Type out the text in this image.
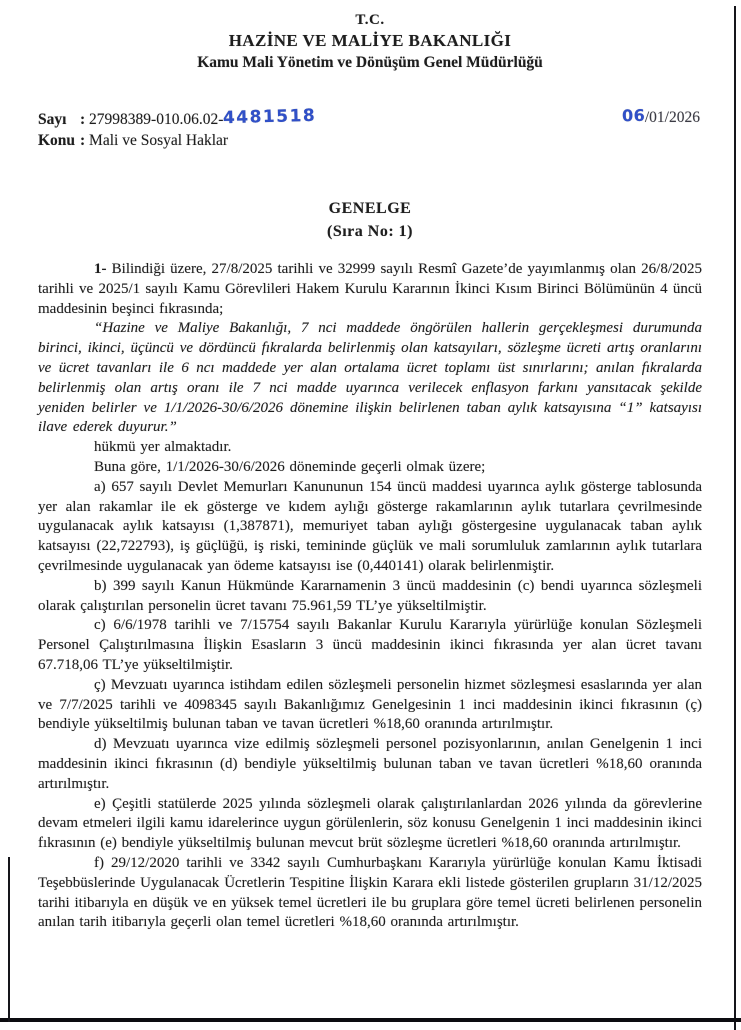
T.C.
HAZİNE VE MALİYE BAKANLIĞI
Kamu Mali Yönetim ve Dönüşüm Genel Müdürlüğü
06/01/2026
Sayı : 27998389-010.06.02-4481518
Konu : Mali ve Sosyal Haklar
GENELGE
(Sıra No: 1)

1- Bilindiği üzere, 27/8/2025 tarihli ve 32999 sayılı Resmî Gazete’de yayımlanmış olan 26/8/2025 tarihli ve 2025/1 sayılı Kamu Görevlileri Hakem Kurulu Kararının İkinci Kısım Birinci Bölümünün 4 üncü maddesinin beşinci fıkrasında;

“Hazine ve Maliye Bakanlığı, 7 nci maddede öngörülen hallerin gerçekleşmesi durumunda birinci, ikinci, üçüncü ve dördüncü fıkralarda belirlenmiş olan katsayıları, sözleşme ücreti artış oranlarını ve ücret tavanları ile 6 ncı maddede yer alan ortalama ücret toplamı üst sınırlarını; anılan fıkralarda belirlenmiş olan artış oranı ile 7 nci madde uyarınca verilecek enflasyon farkını yansıtacak şekilde yeniden belirler ve 1/1/2026-30/6/2026 dönemine ilişkin belirlenen taban aylık katsayısına “1” katsayısı ilave ederek duyurur.”

hükmü yer almaktadır.

Buna göre, 1/1/2026-30/6/2026 döneminde geçerli olmak üzere;

a) 657 sayılı Devlet Memurları Kanununun 154 üncü maddesi uyarınca aylık gösterge tablosunda yer alan rakamlar ile ek gösterge ve kıdem aylığı gösterge rakamlarının aylık tutarlara çevrilmesinde uygulanacak aylık katsayısı (1,387871), memuriyet taban aylığı göstergesine uygulanacak taban aylık katsayısı (22,722793), iş güçlüğü, iş riski, temininde güçlük ve mali sorumluluk zamlarının aylık tutarlara çevrilmesinde uygulanacak yan ödeme katsayısı ise (0,440141) olarak belirlenmiştir.

b) 399 sayılı Kanun Hükmünde Kararnamenin 3 üncü maddesinin (c) bendi uyarınca sözleşmeli olarak çalıştırılan personelin ücret tavanı 75.961,59 TL’ye yükseltilmiştir.

c) 6/6/1978 tarihli ve 7/15754 sayılı Bakanlar Kurulu Kararıyla yürürlüğe konulan Sözleşmeli Personel Çalıştırılmasına İlişkin Esasların 3 üncü maddesinin ikinci fıkrasında yer alan ücret tavanı 67.718,06 TL’ye yükseltilmiştir.

ç) Mevzuatı uyarınca istihdam edilen sözleşmeli personelin hizmet sözleşmesi esaslarında yer alan ve 7/7/2025 tarihli ve 4098345 sayılı Bakanlığımız Genelgesinin 1 inci maddesinin ikinci fıkrasının (ç) bendiyle yükseltilmiş bulunan taban ve tavan ücretleri %18,60 oranında artırılmıştır.

d) Mevzuatı uyarınca vize edilmiş sözleşmeli personel pozisyonlarının, anılan Genelgenin 1 inci maddesinin ikinci fıkrasının (d) bendiyle yükseltilmiş bulunan taban ve tavan ücretleri %18,60 oranında artırılmıştır.

e) Çeşitli statülerde 2025 yılında sözleşmeli olarak çalıştırılanlardan 2026 yılında da görevlerine devam etmeleri ilgili kamu idarelerince uygun görülenlerin, söz konusu Genelgenin 1 inci maddesinin ikinci fıkrasının (e) bendiyle yükseltilmiş bulunan mevcut brüt sözleşme ücretleri %18,60 oranında artırılmıştır.

f) 29/12/2020 tarihli ve 3342 sayılı Cumhurbaşkanı Kararıyla yürürlüğe konulan Kamu İktisadi Teşebbüslerinde Uygulanacak Ücretlerin Tespitine İlişkin Karara ekli listede gösterilen grupların 31/12/2025 tarihi itibarıyla en düşük ve en yüksek temel ücretleri ile bu gruplara göre temel ücreti belirlenen personelin anılan tarih itibarıyla geçerli olan temel ücretleri %18,60 oranında artırılmıştır.
